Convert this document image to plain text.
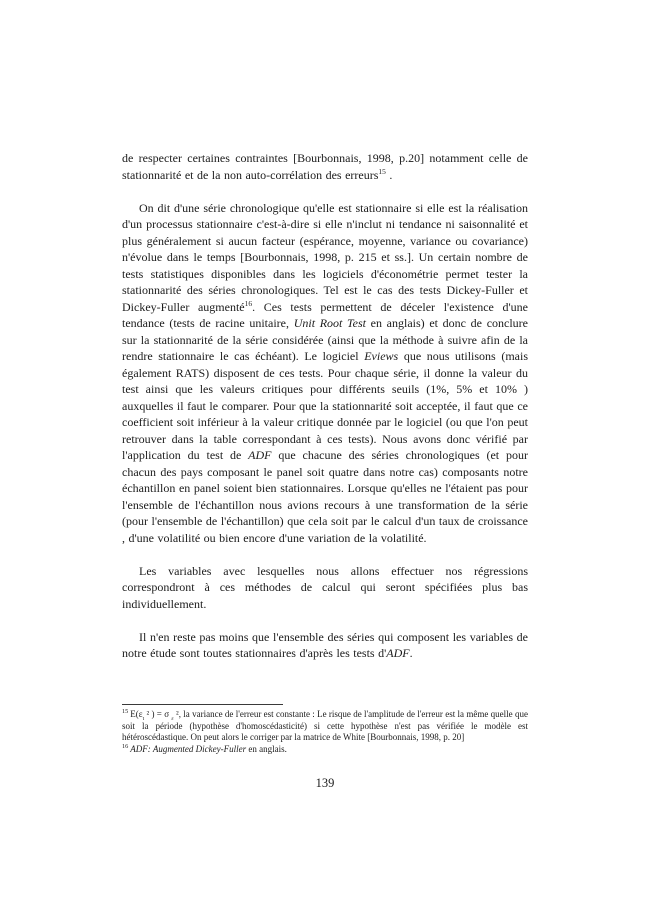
de respecter certaines contraintes [Bourbonnais, 1998, p.20] notamment celle de stationnarité et de la non auto-corrélation des erreurs$^{15}$ .

On dit d'une série chronologique qu'elle est stationnaire si elle est la réalisation d'un processus stationnaire c'est-à-dire si elle n'inclut ni tendance ni saisonnalité et plus généralement si aucun facteur (espérance, moyenne, variance ou covariance) n'évolue dans le temps [Bourbonnais, 1998, p. 215 et ss.]. Un certain nombre de tests statistiques disponibles dans les logiciels d'économétrie permet tester la stationnarité des séries chronologiques. Tel est le cas des tests Dickey-Fuller et Dickey-Fuller augmenté$^{16}$. Ces tests permettent de déceler l'existence d'une tendance (tests de racine unitaire, Unit Root Test en anglais) et donc de conclure sur la stationnarité de la série considérée (ainsi que la méthode à suivre afin de la rendre stationnaire le cas échéant). Le logiciel Eviews que nous utilisons (mais également RATS) disposent de ces tests. Pour chaque série, il donne la valeur du test ainsi que les valeurs critiques pour différents seuils (1%, 5% et 10% ) auxquelles il faut le comparer. Pour que la stationnarité soit acceptée, il faut que ce coefficient soit inférieur à la valeur critique donnée par le logiciel (ou que l'on peut retrouver dans la table correspondant à ces tests). Nous avons donc vérifié par l'application du test de ADF que chacune des séries chronologiques (et pour chacun des pays composant le panel soit quatre dans notre cas) composants notre échantillon en panel soient bien stationnaires. Lorsque qu'elles ne l'étaient pas pour l'ensemble de l'échantillon nous avions recours à une transformation de la série (pour l'ensemble de l'échantillon) que cela soit par le calcul d'un taux de croissance , d'une volatilité ou bien encore d'une variation de la volatilité.

Les variables avec lesquelles nous allons effectuer nos régressions correspondront à ces méthodes de calcul qui seront spécifiées plus bas individuellement.

Il n'en reste pas moins que l'ensemble des séries qui composent les variables de notre étude sont toutes stationnaires d'après les tests d'ADF.

$^{15}$ $E(\varepsilon_t$ ² ) = σ $_\varepsilon$ ², la variance de l'erreur est constante : Le risque de l'amplitude de l'erreur est la même quelle que soit la période (hypothèse d'homoscédasticité) si cette hypothèse n'est pas vérifiée le modèle est hétéroscédastique. On peut alors le corriger par la matrice de White [Bourbonnais, 1998, p. 20]

$^{16}$ ADF: Augmented Dickey-Fuller en anglais.

139
